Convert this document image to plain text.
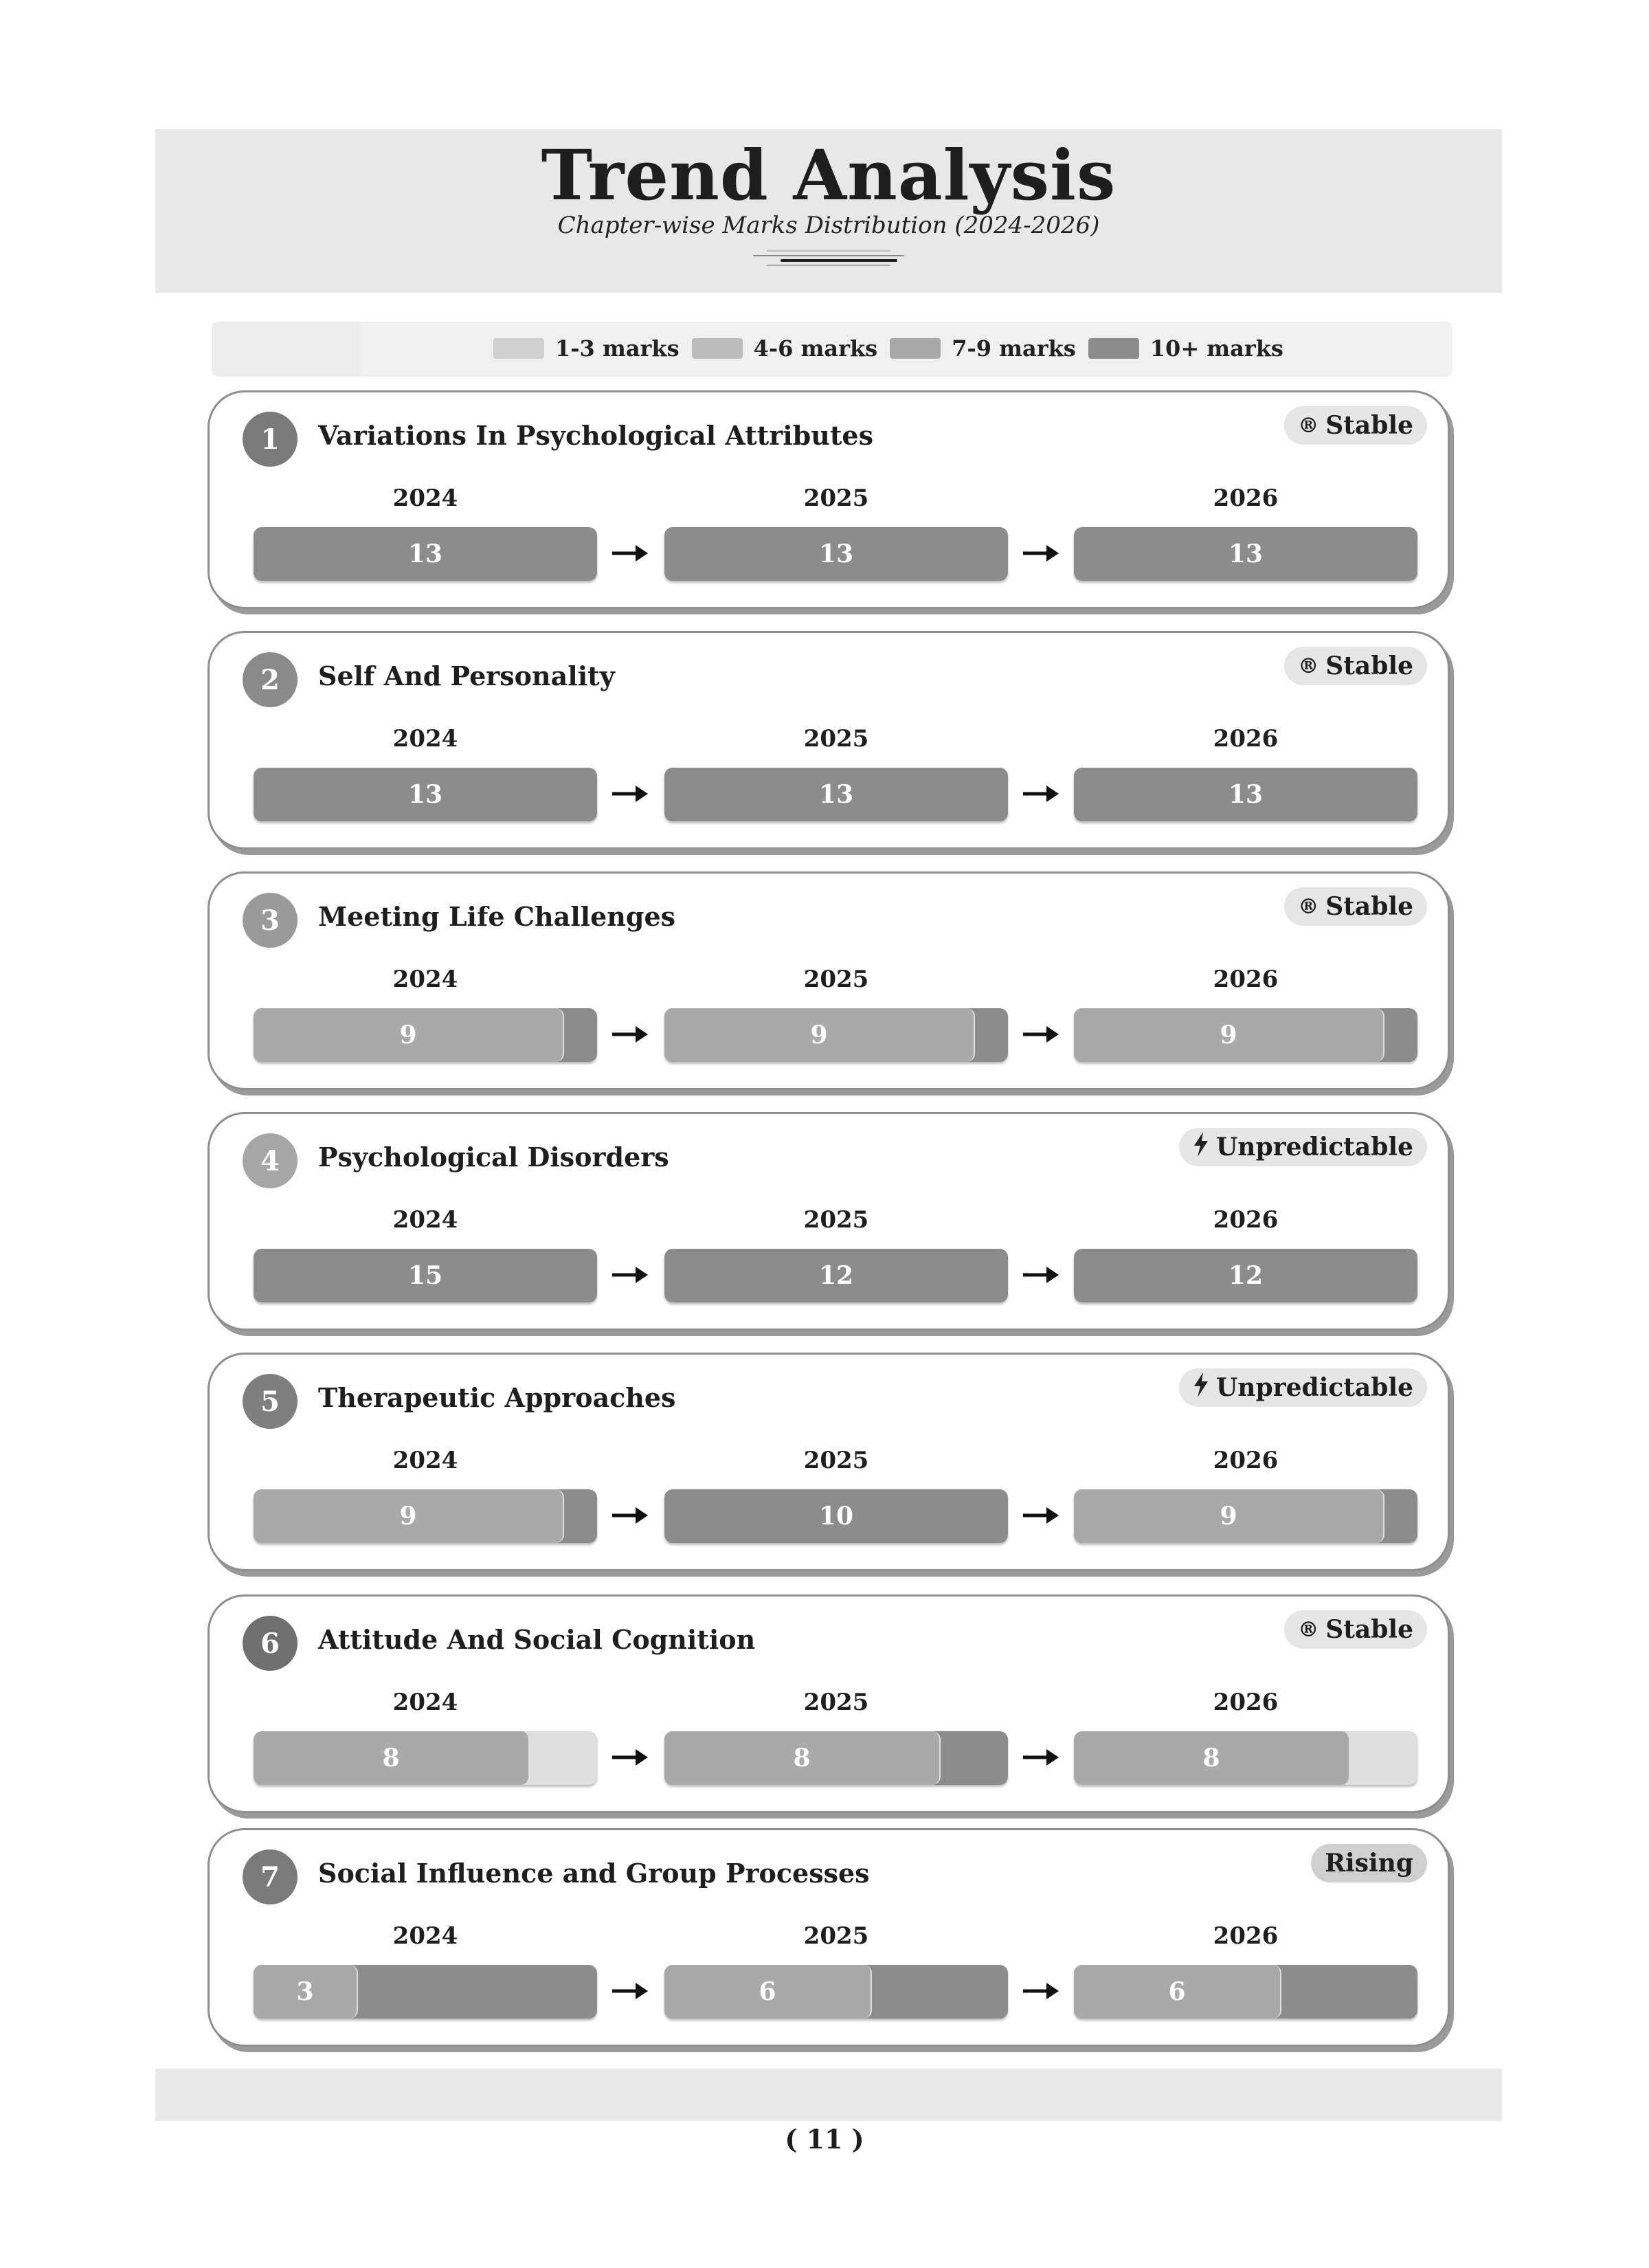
Trend Analysis
Chapter-wise Marks Distribution (2024-2026)
1-3 marks	4-6 marks	7-9 marks	10+ marks
1	Variations In Psychological Attributes	® Stable
2024
13
2025
13
2026
13
2	Self And Personality	® Stable
2024
13
2025
13
2026
13
3	Meeting Life Challenges	® Stable
2024
9
2025
9
2026
9
4	Psychological Disorders	Unpredictable
2024
15
2025
12
2026
12
5	Therapeutic Approaches	Unpredictable
2024
9
2025
10
2026
9
6	Attitude And Social Cognition	® Stable
2024
8
2025
8
2026
8
7	Social Influence and Group Processes	Rising
2024
3
2025
6
2026
6
( 11 )
